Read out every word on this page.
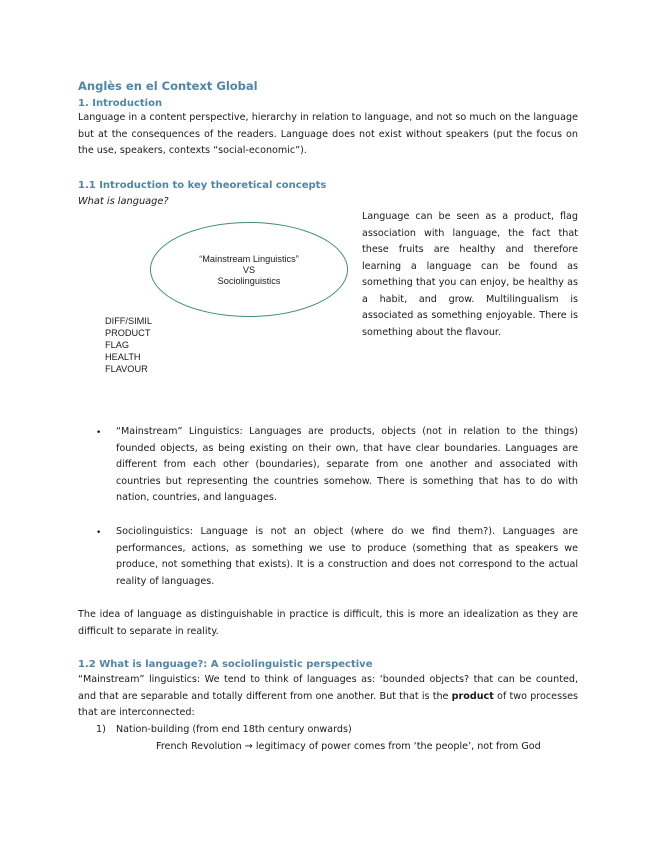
Anglès en el Context Global
1. Introduction
Language in a content perspective, hierarchy in relation to language, and not so much on the language but at the consequences of the readers. Language does not exist without speakers (put the focus on the use, speakers, contexts “social-economic”).
1.1 Introduction to key theoretical concepts
What is language?
“Mainstream Linguistics”
VS
Sociolinguistics
DIFF/SIMIL
PRODUCT
FLAG
HEALTH
FLAVOUR
Language can be seen as a product, flag association with language, the fact that these fruits are healthy and therefore learning a language can be found as something that you can enjoy, be healthy as a habit, and grow. Multilingualism is associated as something enjoyable. There is something about the flavour.
• “Mainstream” Linguistics: Languages are products, objects (not in relation to the things) founded objects, as being existing on their own, that have clear boundaries. Languages are different from each other (boundaries), separate from one another and associated with countries but representing the countries somehow. There is something that has to do with nation, countries, and languages.
• Sociolinguistics: Language is not an object (where do we find them?). Languages are performances, actions, as something we use to produce (something that as speakers we produce, not something that exists). It is a construction and does not correspond to the actual reality of languages.
The idea of language as distinguishable in practice is difficult, this is more an idealization as they are difficult to separate in reality.
1.2 What is language?: A sociolinguistic perspective
“Mainstream” linguistics: We tend to think of languages as: ‘bounded objects? that can be counted, and that are separable and totally different from one another. But that is the product of two processes that are interconnected:
1) Nation-building (from end 18th century onwards)
French Revolution → legitimacy of power comes from ‘the people’, not from God
